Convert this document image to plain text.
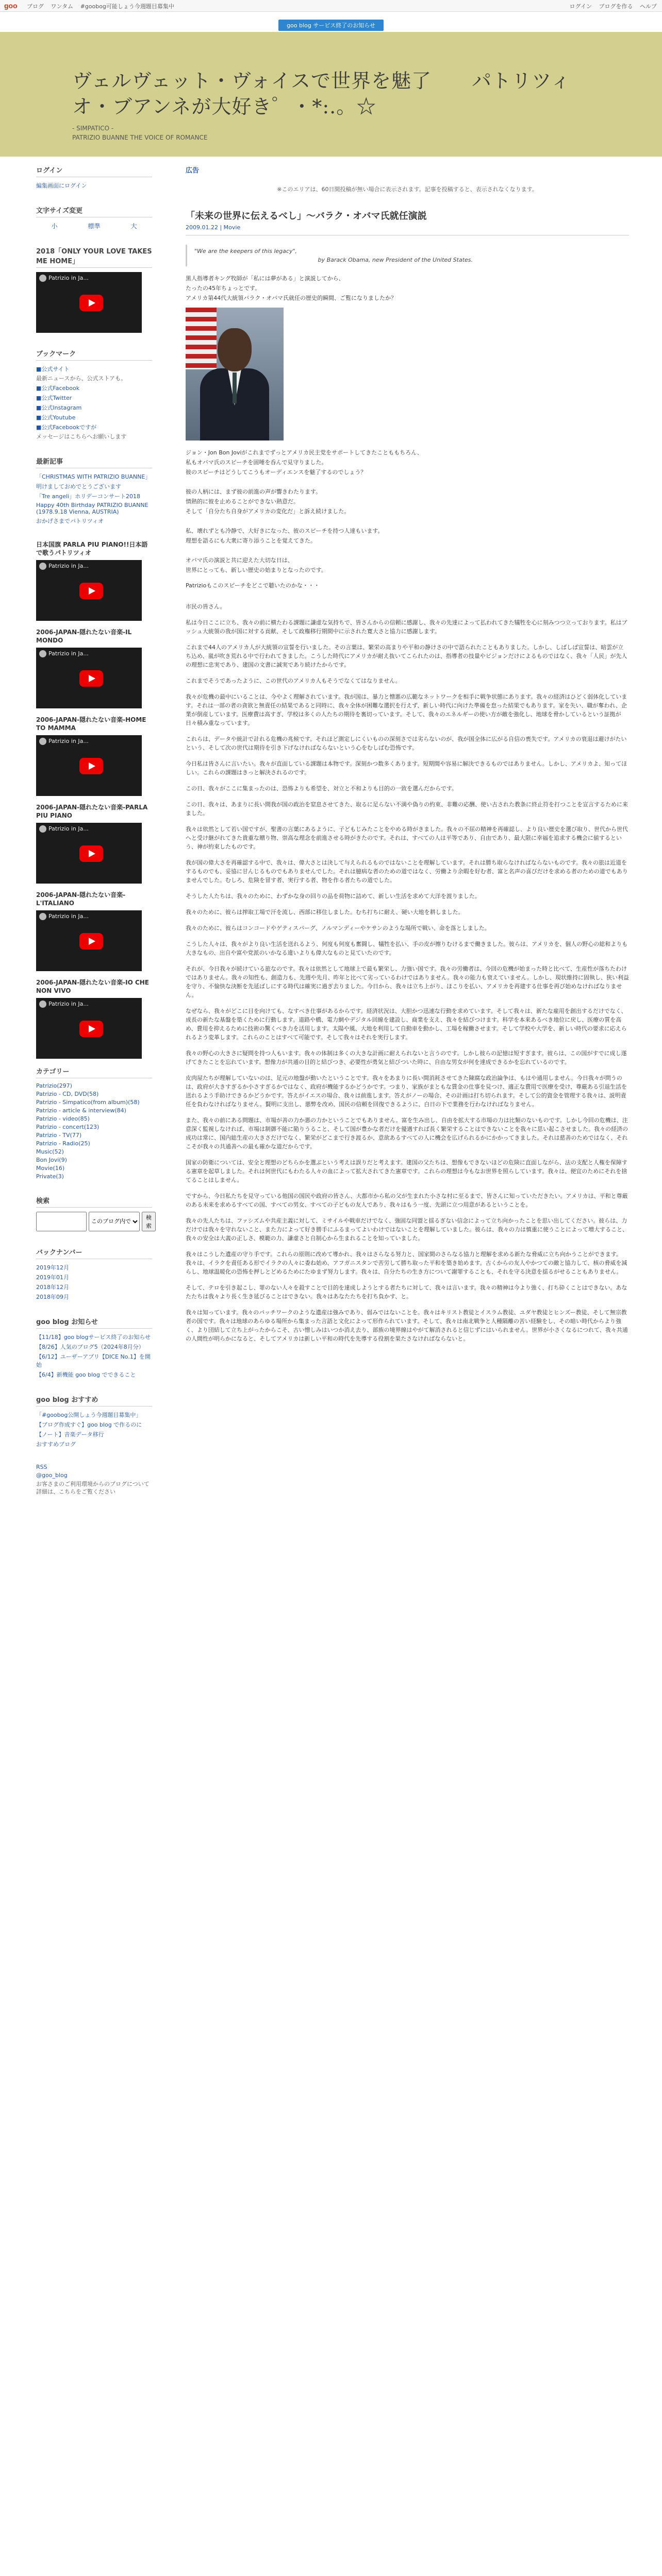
goo ブログ ワンタム #goobog可能しょう今週題目募集中	ログイン ブログを作る ヘルプ
goo blog サービス終了のお知らせ
ヴェルヴェット・ヴォイスで世界を魅了　　パトリツィオ・ブアンネが大好き゜・*:.。☆
- SIMPATICO -
PATRIZIO BUANNE THE VOICE OF ROMANCE
ログイン
編集画面にログイン
文字サイズ変更
小	標準	大
2018「ONLY YOUR LOVE TAKES ME HOME」
Patrizio in Ja...
ブックマーク
■公式サイト
最新ニュースから、公式ストアも。
■公式Facebook
■公式Twitter
■公式Instagram
■公式Youtube
■公式Facebookですが
メッセージはこちらへお願いします
最新記事
「CHRISTMAS WITH PATRIZIO BUANNE」
明けましておめでとうございます
「Tre angeli」ホリデーコンサート2018
Happy 40th Birthday PATRIZIO BUANNE (1978.9.18 Vienna, AUSTRIA)
おかげさまでパトリツィオ
日本国旗 PARLA PIU PIANO!!日本語で歌うパトリツィオ
Patrizio in Ja...
2006-JAPAN-隠れたない音楽-IL MONDO
Patrizio in Ja...
2006-JAPAN-隠れたない音楽-HOME TO MAMMA
Patrizio in Ja...
2006-JAPAN-隠れたない音楽-PARLA PIU PIANO
Patrizio in Ja...
2006-JAPAN-隠れたない音楽-L'ITALIANO
Patrizio in Ja...
2006-JAPAN-隠れたない音楽-IO CHE NON VIVO
Patrizio in Ja...
カテゴリー
Patrizio(297)
Patrizio - CD, DVD(58)
Patrizio - Simpatico(from album)(58)
Patrizio - article & interview(84)
Patrizio - video(85)
Patrizio - concert(123)
Patrizio - TV(77)
Patrizio - Radio(25)
Music(52)
Bon Jovi(9)
Movie(16)
Private(3)
検索
このブログ内で
検索
バックナンバー
2019年12月
2019年01月
2018年12月
2018年09月
goo blog お知らせ
【11/18】goo blogサービス終了のお知らせ
【8/26】人気のブログ5（2024年8月分）
【6/12】ユーザーアプリ【DICE No.1】を開始
【6/4】新機能 goo blog でできること
goo blog おすすめ
「#goobog公開しょう今週題目募集中」
【ブログ作成すぐ】goo blog で作るのに
【ノート】音楽データ移行
おすすめブログ
RSS
@goo_blog
お客さまのご利用環境からのブログについて詳細は、こちらをご覧ください
広告
※このエリアは、60日間投稿が無い場合に表示されます。記事を投稿すると、表示されなくなります。
「未来の世界に伝えるべし」～バラク・オバマ氏就任演説
2009.01.22 | Movie
"We are the keepers of this legacy",
by Barack Obama, new President of the United States.

黒人指導者キング牧師が「私には夢がある」と演説してから、

たったの45年ちょっとです。

アメリカ第44代大統領バラク・オバマ氏就任の歴史的瞬間、ご覧になりましたか？

ジョン・Jon Bon Joviがこれまでずっとアメリカ民主党をサポートしてきたことももちろん、

私もオバマ氏のスピーチを固唾を呑んで見守りました。

彼のスピーチはどうしてこうもオーディエンスを魅了するのでしょう？

彼の人柄には、まず彼の前進の声が響きわたります。

情熱的に彼を止めることができない熱意だ。

そして「自分たち自身がアメリカの変化だ」と訴え続けました。

私、壊れずとも冷静で、大好きになった、彼のスピーチを持つ人達もいます。

理想を語るにも大衆に寄り添うことを覚えてきた。

オバマ氏の演説と共に迎えた大切な日は、

世界にとっても、新しい歴史の始まりとなったのです。

Patrizioもこのスピーチをどこで聴いたのかな・・・

市民の皆さん。

私は今日ここに立ち、我々の前に横たわる課題に謙虚な気持ちで、皆さんからの信頼に感謝し、我々の先達によって払われてきた犠牲を心に刻みつつ立っております。私はブッシュ大統領の我が国に対する貢献、そして政権移行期間中に示された寛大さと協力に感謝します。

これまで44人のアメリカ人が大統領の宣誓を行いました。その言葉は、繁栄の高まりや平和の静けさの中で語られたこともありました。しかし、しばしば宣誓は、暗雲が立ち込め、嵐が吹き荒れる中で行われてきました。こうした時代にアメリカが耐え抜いてこられたのは、指導者の技量やビジョンだけによるものではなく、我々「人民」が先人の理想に忠実であり、建国の文書に誠実であり続けたからです。

これまでそうであったように、この世代のアメリカ人もそうでなくてはなりません。

我々が危機の最中にいることは、今やよく理解されています。我が国は、暴力と憎悪の広範なネットワークを相手に戦争状態にあります。我々の経済はひどく弱体化しています。それは一部の者の貪欲と無責任の結果であると同時に、我々全体が困難な選択を行えず、新しい時代に向けた準備を怠った結果でもあります。家を失い、職が奪われ、企業が倒産しています。医療費は高すぎ、学校は多くの人たちの期待を裏切っています。そして、我々のエネルギーの使い方が敵を強化し、地球を脅かしているという証拠が日々積み重なっています。

これらは、データや統計で計れる危機の兆候です。それほど測定しにくいものの深刻さでは劣らないのが、我が国全体に広がる自信の喪失です。アメリカの衰退は避けがたいという、そして次の世代は期待を引き下げなければならないという心をむしばむ恐怖です。

今日私は皆さんに言いたい。我々が直面している課題は本物です。深刻かつ数多くあります。短期間や容易に解決できるものではありません。しかし、アメリカよ、知ってほしい。これらの課題はきっと解決されるのです。

この日、我々がここに集まったのは、恐怖よりも希望を、対立と不和よりも目的の一致を選んだからです。

この日、我々は、あまりに長い間我が国の政治を窒息させてきた、取るに足らない不満や偽りの約束、非難の応酬、使い古された教条に終止符を打つことを宣言するために来ました。

我々は依然として若い国ですが、聖書の言葉にあるように、子どもじみたことをやめる時がきました。我々の不屈の精神を再確認し、より良い歴史を選び取り、世代から世代へと受け継がれてきた貴重な贈り物、崇高な理念を前進させる時がきたのです。それは、すべての人は平等であり、自由であり、最大限に幸福を追求する機会に値するという、神が約束したものです。

我が国の偉大さを再確認する中で、我々は、偉大さとは決して与えられるものではないことを理解しています。それは勝ち取らなければならないものです。我々の旅は近道をするものでも、妥協に甘んじるものでもありませんでした。それは臆病な者のための道ではなく、労働より余暇を好む者、富と名声の喜びだけを求める者のための道でもありませんでした。むしろ、危険を冒す者、実行する者、物を作る者たちの道でした。

そうした人たちは、我々のために、わずかな身の回りの品を荷物に詰めて、新しい生活を求めて大洋を渡りました。

我々のために、彼らは搾取工場で汗を流し、西部に移住しました。むち打ちに耐え、硬い大地を耕しました。

我々のために、彼らはコンコードやゲティスバーグ、ノルマンディーやケサンのような場所で戦い、命を落としました。

こうした人々は、我々がより良い生活を送れるよう、何度も何度も奮闘し、犠牲を払い、手の皮が擦りむけるまで働きました。彼らは、アメリカを、個人の野心の総和よりも大きなもの、出自や富や党派のいかなる違いよりも偉大なものと見ていたのです。

それが、今日我々が続けている旅なのです。我々は依然として地球上で最も繁栄し、力強い国です。我々の労働者は、今回の危機が始まった時と比べて、生産性が落ちたわけではありません。我々の知性も、創造力も、先週や先月、昨年と比べて劣っているわけではありません。我々の能力も衰えていません。しかし、現状維持に固執し、狭い利益を守り、不愉快な決断を先延ばしにする時代は確実に過ぎ去りました。今日から、我々は立ち上がり、ほこりを払い、アメリカを再建する仕事を再び始めなければなりません。

なぜなら、我々がどこに目を向けても、なすべき仕事があるからです。経済状況は、大胆かつ迅速な行動を求めています。そして我々は、新たな雇用を創出するだけでなく、成長の新たな基盤を築くために行動します。道路や橋、電力網やデジタル回線を建設し、商業を支え、我々を結びつけます。科学を本来あるべき地位に戻し、医療の質を高め、費用を抑えるために技術の驚くべき力を活用します。太陽や風、大地を利用して自動車を動かし、工場を稼働させます。そして学校や大学を、新しい時代の要求に応えられるよう変革します。これらのことはすべて可能です。そして我々はそれを実行します。

我々の野心の大きさに疑問を持つ人もいます。我々の体制は多くの大きな計画に耐えられないと言うのです。しかし彼らの記憶は短すぎます。彼らは、この国がすでに成し遂げてきたことを忘れています。想像力が共通の目的と結びつき、必要性が勇気と結びついた時に、自由な男女が何を達成できるかを忘れているのです。

皮肉屋たちが理解していないのは、足元の地盤が動いたということです。我々をあまりに長い間消耗させてきた陳腐な政治論争は、もはや通用しません。今日我々が問うのは、政府が大きすぎるか小さすぎるかではなく、政府が機能するかどうかです。つまり、家族がまともな賃金の仕事を見つけ、適正な費用で医療を受け、尊厳ある引退生活を送れるよう手助けできるかどうかです。答えがイエスの場合、我々は前進します。答えがノーの場合、その計画は打ち切られます。そして公的資金を管理する我々は、説明責任を負わなければなりません。賢明に支出し、悪弊を改め、国民の信頼を回復できるように、白日の下で業務を行わなければなりません。

また、我々の前にある問題は、市場が善の力か悪の力かということでもありません。富を生み出し、自由を拡大する市場の力は比類のないものです。しかし今回の危機は、注意深く監視しなければ、市場は制御不能に陥りうること、そして国が豊かな者だけを優遇すれば長く繁栄することはできないことを我々に思い起こさせました。我々の経済の成功は常に、国内総生産の大きさだけでなく、繁栄がどこまで行き渡るか、意欲あるすべての人に機会を広げられるかにかかってきました。それは慈善のためではなく、それこそが我々の共通善への最も確かな道だからです。

国家の防衛については、安全と理想のどちらかを選ぶという考えは誤りだと考えます。建国の父たちは、想像もできないほどの危険に直面しながら、法の支配と人権を保障する憲章を起草しました。それは何世代にもわたる人々の血によって拡大されてきた憲章です。これらの理想は今もなお世界を照らしています。我々は、便宜のためにそれを捨てることはしません。

ですから、今日私たちを見守っている他国の国民や政府の皆さん、大都市から私の父が生まれた小さな村に至るまで、皆さんに知っていただきたい。アメリカは、平和と尊厳のある未来を求めるすべての国、すべての男女、すべての子どもの友人であり、我々はもう一度、先頭に立つ用意があるということを。

我々の先人たちは、ファシズムや共産主義に対して、ミサイルや戦車だけでなく、強固な同盟と揺るぎない信念によって立ち向かったことを思い出してください。彼らは、力だけでは我々を守れないこと、また力によって好き勝手にふるまってよいわけではないことを理解していました。彼らは、我々の力は慎重に使うことによって増大すること、我々の安全は大義の正しさ、模範の力、謙虚さと自制心から生まれることを知っていました。

我々はこうした遺産の守り手です。これらの原則に改めて導かれ、我々はさらなる努力と、国家間のさらなる協力と理解を求める新たな脅威に立ち向かうことができます。我々は、イラクを責任ある形でイラクの人々に委ね始め、アフガニスタンで苦労して勝ち取った平和を築き始めます。古くからの友人やかつての敵と協力して、核の脅威を減らし、地球温暖化の恐怖を押しとどめるためにたゆまず努力します。我々は、自分たちの生き方について謝罪することも、それを守る決意を揺るがせることもありません。

そして、テロを引き起こし、罪のない人々を殺すことで目的を達成しようとする者たちに対して、我々は言います。我々の精神は今より強く、打ち砕くことはできない。あなたたちは我々より長く生き延びることはできない。我々はあなたたちを打ち負かす、と。

我々は知っています。我々のパッチワークのような遺産は強みであり、弱みではないことを。我々はキリスト教徒とイスラム教徒、ユダヤ教徒とヒンズー教徒、そして無宗教者の国です。我々は地球のあらゆる場所から集まった言語と文化によって形作られています。そして、我々は南北戦争と人種隔離の苦い経験をし、その暗い時代からより強く、より団結して立ち上がったからこそ、古い憎しみはいつか消え去り、部族の境界線はやがて解消されると信じずにはいられません。世界が小さくなるにつれて、我々共通の人間性が明らかになると、そしてアメリカは新しい平和の時代を先導する役割を果たさなければならないと。
